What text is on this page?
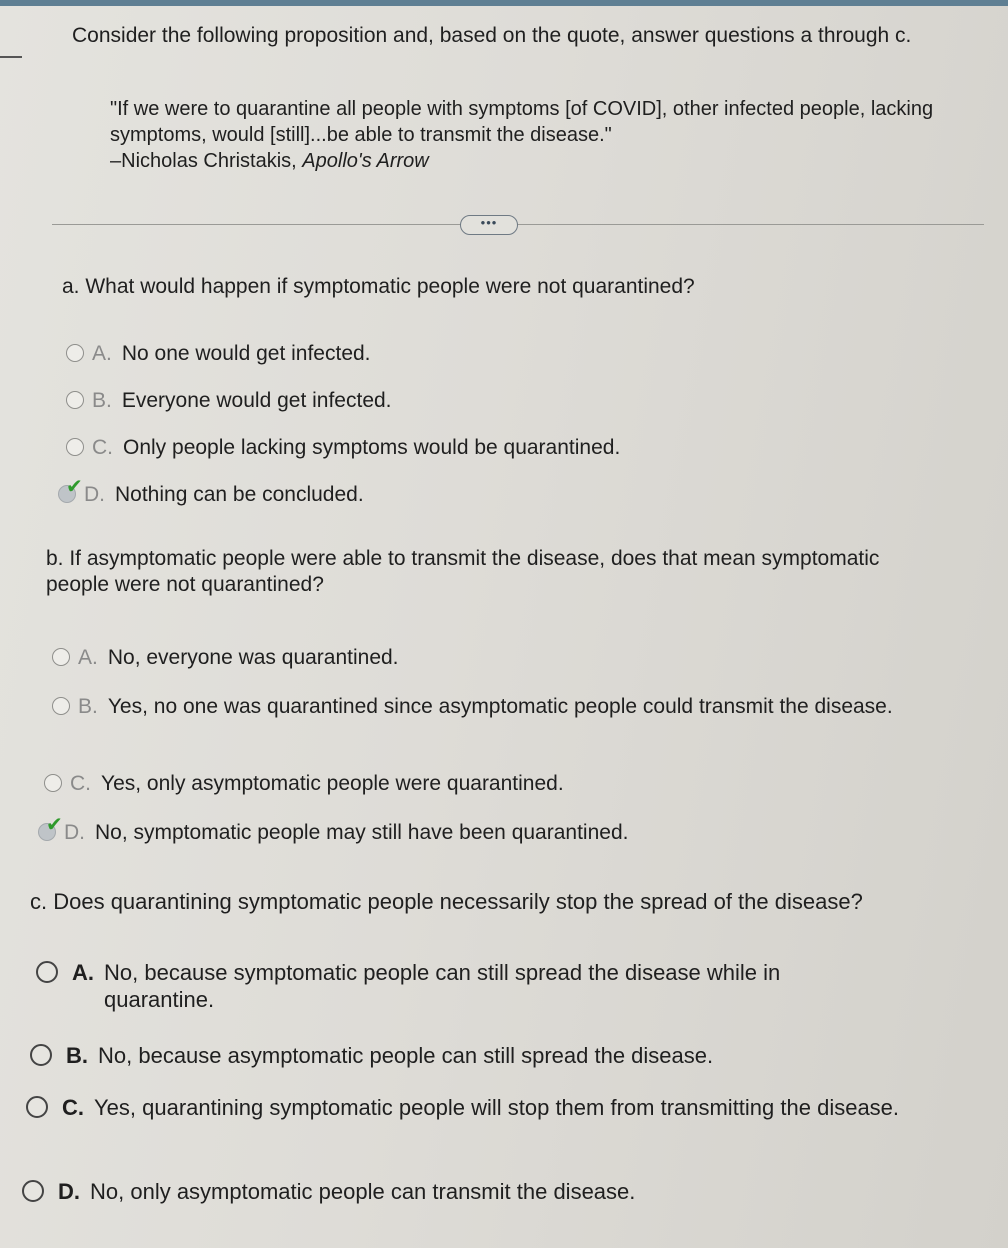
Consider the following proposition and, based on the quote, answer questions a through c.
"If we were to quarantine all people with symptoms [of COVID], other infected people, lacking symptoms, would [still]...be able to transmit the disease."
–Nicholas Christakis, Apollo's Arrow
•••
a. What would happen if symptomatic people were not quarantined?
A. No one would get infected.
B. Everyone would get infected.
C. Only people lacking symptoms would be quarantined.
✔ D. Nothing can be concluded.
b. If asymptomatic people were able to transmit the disease, does that mean symptomatic people were not quarantined?
A. No, everyone was quarantined.
B. Yes, no one was quarantined since asymptomatic people could transmit the disease.
C. Yes, only asymptomatic people were quarantined.
✔ D. No, symptomatic people may still have been quarantined.
c. Does quarantining symptomatic people necessarily stop the spread of the disease?
A. No, because symptomatic people can still spread the disease while in quarantine.
B. No, because asymptomatic people can still spread the disease.
C. Yes, quarantining symptomatic people will stop them from transmitting the disease.
D. No, only asymptomatic people can transmit the disease.
